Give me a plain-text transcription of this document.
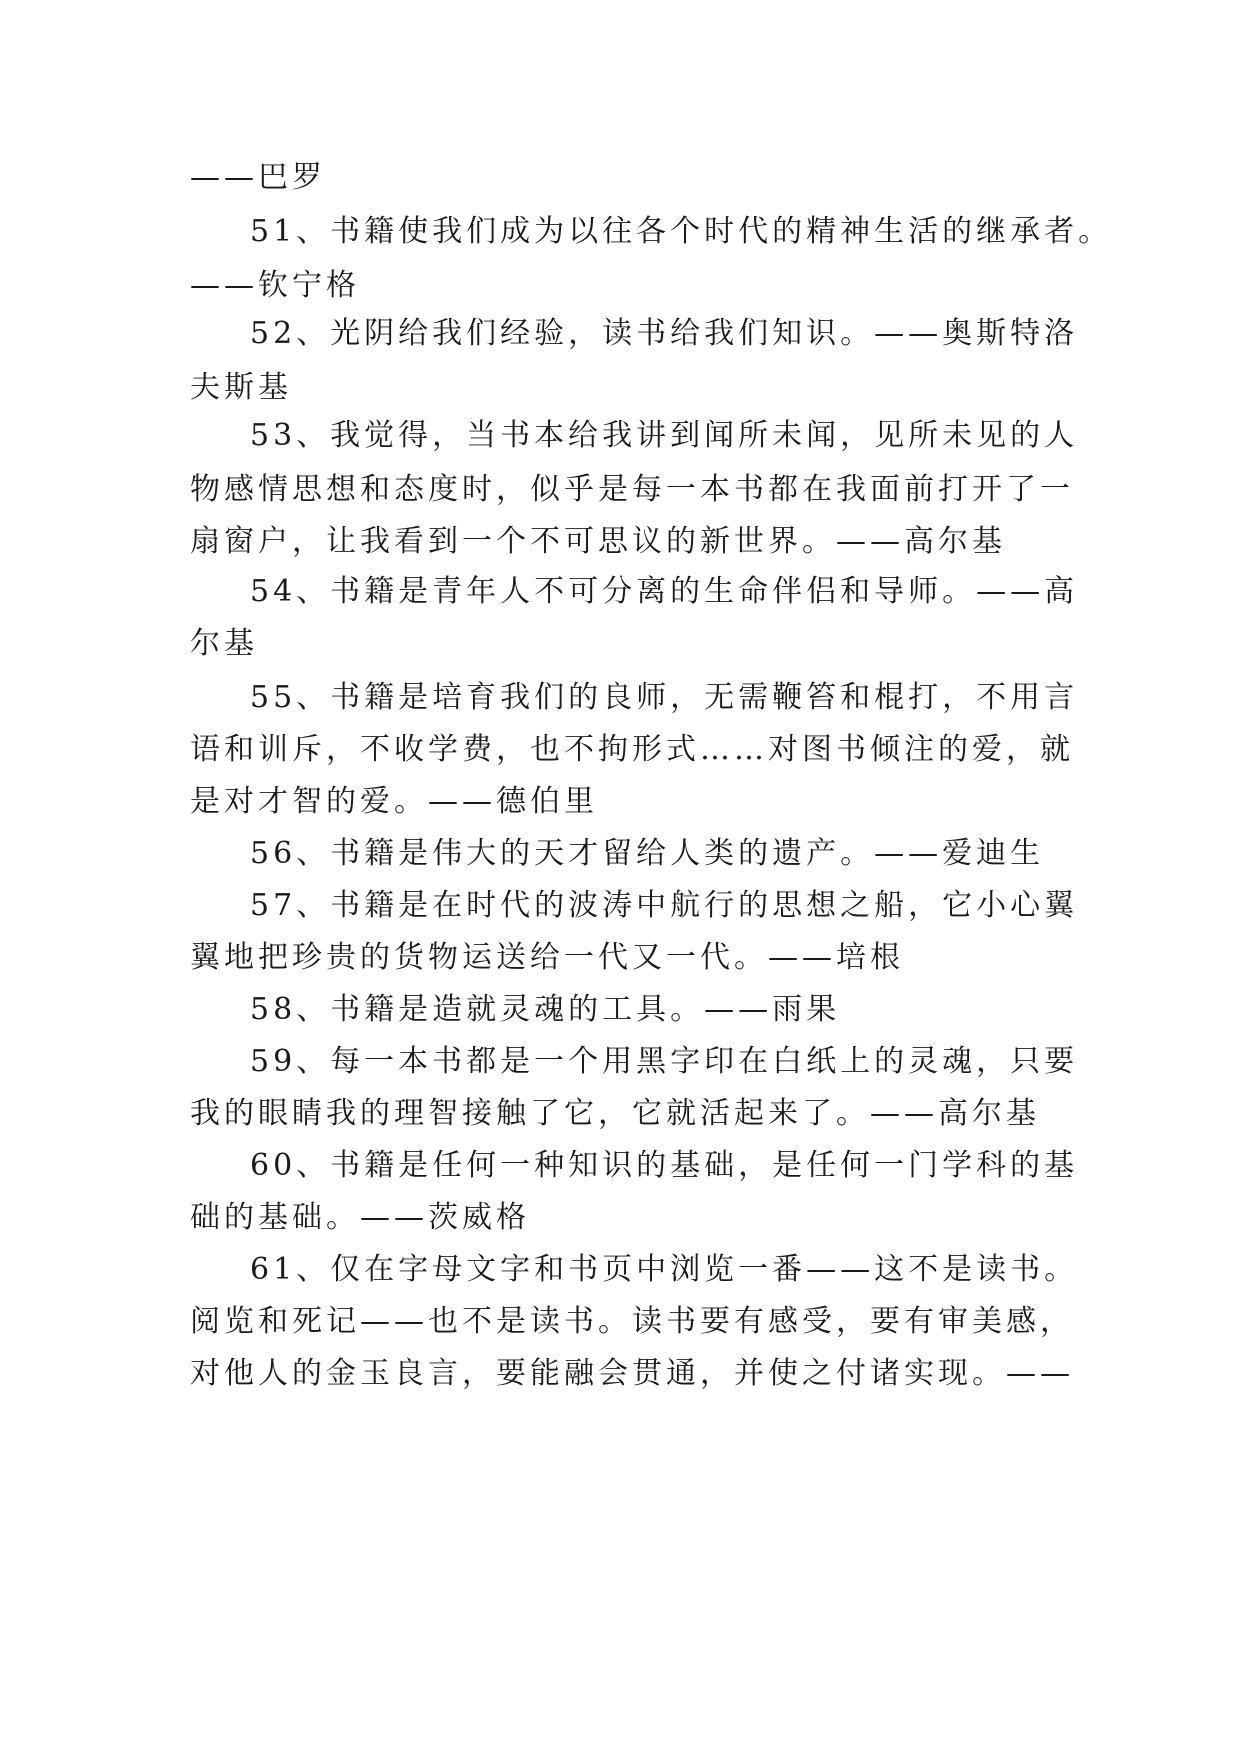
——巴罗
51、书籍使我们成为以往各个时代的精神生活的继承者。
——钦宁格
52、光阴给我们经验，读书给我们知识。——奥斯特洛
夫斯基
53、我觉得，当书本给我讲到闻所未闻，见所未见的人
物感情思想和态度时，似乎是每一本书都在我面前打开了一
扇窗户，让我看到一个不可思议的新世界。——高尔基
54、书籍是青年人不可分离的生命伴侣和导师。——高
尔基
55、书籍是培育我们的良师，无需鞭笞和棍打，不用言
语和训斥，不收学费，也不拘形式……对图书倾注的爱，就
是对才智的爱。——德伯里
56、书籍是伟大的天才留给人类的遗产。——爱迪生
57、书籍是在时代的波涛中航行的思想之船，它小心翼
翼地把珍贵的货物运送给一代又一代。——培根
58、书籍是造就灵魂的工具。——雨果
59、每一本书都是一个用黑字印在白纸上的灵魂，只要
我的眼睛我的理智接触了它，它就活起来了。——高尔基
60、书籍是任何一种知识的基础，是任何一门学科的基
础的基础。——茨威格
61、仅在字母文字和书页中浏览一番——这不是读书。
阅览和死记——也不是读书。读书要有感受，要有审美感，
对他人的金玉良言，要能融会贯通，并使之付诸实现。——
